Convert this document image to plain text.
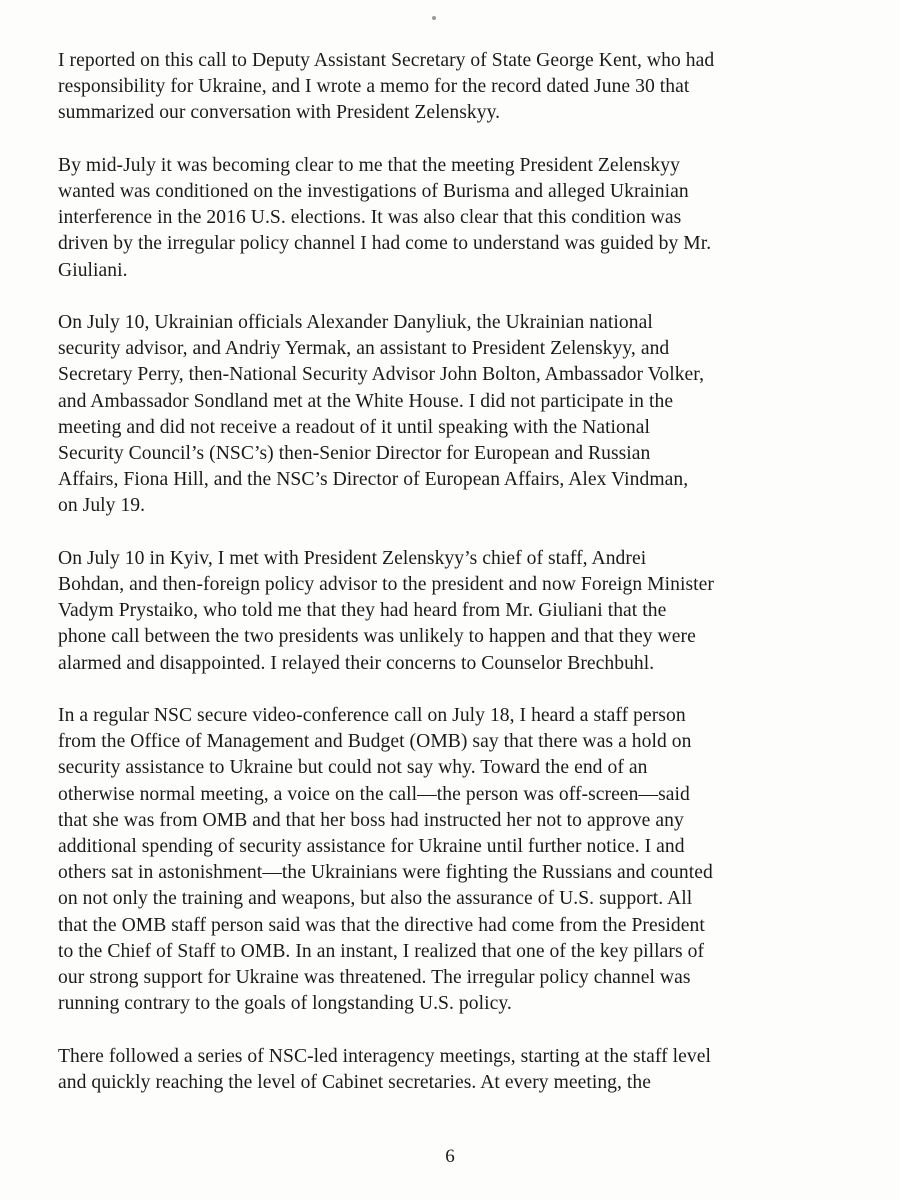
I reported on this call to Deputy Assistant Secretary of State George Kent, who had
responsibility for Ukraine, and I wrote a memo for the record dated June 30 that
summarized our conversation with President Zelenskyy.

By mid-July it was becoming clear to me that the meeting President Zelenskyy
wanted was conditioned on the investigations of Burisma and alleged Ukrainian
interference in the 2016 U.S. elections. It was also clear that this condition was
driven by the irregular policy channel I had come to understand was guided by Mr.
Giuliani.

On July 10, Ukrainian officials Alexander Danyliuk, the Ukrainian national
security advisor, and Andriy Yermak, an assistant to President Zelenskyy, and
Secretary Perry, then-National Security Advisor John Bolton, Ambassador Volker,
and Ambassador Sondland met at the White House. I did not participate in the
meeting and did not receive a readout of it until speaking with the National
Security Council’s (NSC’s) then-Senior Director for European and Russian
Affairs, Fiona Hill, and the NSC’s Director of European Affairs, Alex Vindman,
on July 19.

On July 10 in Kyiv, I met with President Zelenskyy’s chief of staff, Andrei
Bohdan, and then-foreign policy advisor to the president and now Foreign Minister
Vadym Prystaiko, who told me that they had heard from Mr. Giuliani that the
phone call between the two presidents was unlikely to happen and that they were
alarmed and disappointed. I relayed their concerns to Counselor Brechbuhl.

In a regular NSC secure video-conference call on July 18, I heard a staff person
from the Office of Management and Budget (OMB) say that there was a hold on
security assistance to Ukraine but could not say why. Toward the end of an
otherwise normal meeting, a voice on the call—the person was off-screen—said
that she was from OMB and that her boss had instructed her not to approve any
additional spending of security assistance for Ukraine until further notice. I and
others sat in astonishment—the Ukrainians were fighting the Russians and counted
on not only the training and weapons, but also the assurance of U.S. support. All
that the OMB staff person said was that the directive had come from the President
to the Chief of Staff to OMB. In an instant, I realized that one of the key pillars of
our strong support for Ukraine was threatened. The irregular policy channel was
running contrary to the goals of longstanding U.S. policy.

There followed a series of NSC-led interagency meetings, starting at the staff level
and quickly reaching the level of Cabinet secretaries. At every meeting, the

6
